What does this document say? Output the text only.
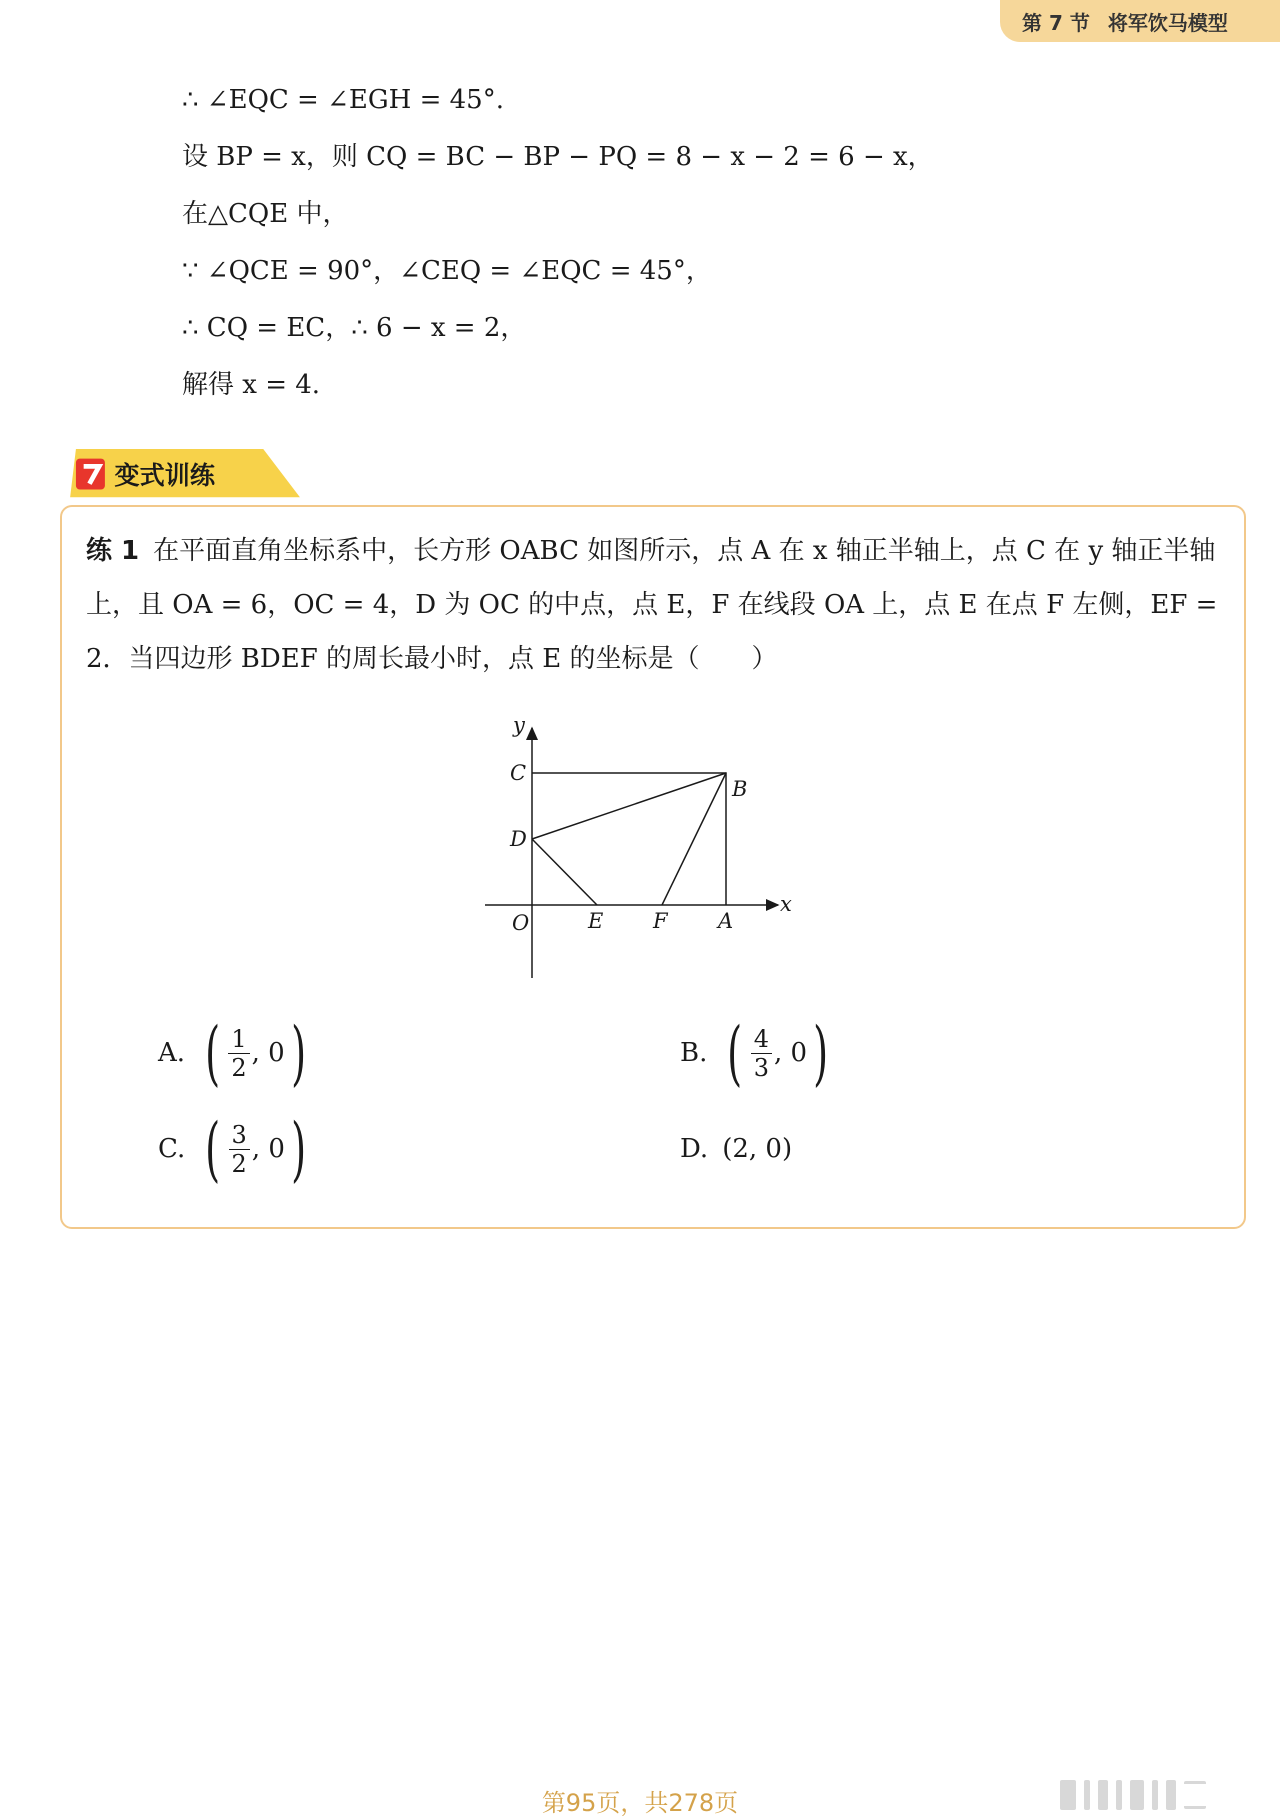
第 7 节 将军饮马模型
∴ ∠EQC = ∠EGH = 45°.
设 BP = x，则 CQ = BC − BP − PQ = 8 − x − 2 = 6 − x，
在△CQE 中，
∵ ∠QCE = 90°，∠CEQ = ∠EQC = 45°，
∴ CQ = EC，∴ 6 − x = 2，
解得 x = 4.
变式训练
练 1 在平面直角坐标系中，长方形 OABC 如图所示，点 A 在 x 轴正半轴上，点 C 在 y 轴正半轴上，且 OA = 6，OC = 4，D 为 OC 的中点，点 E，F 在线段 OA 上，点 E 在点 F 左侧，EF = 2．当四边形 BDEF 的周长最小时，点 E 的坐标是（　　）
y
x
C
B
D
O	E F A
A. ( $\frac{1}{2}$ , 0 )	B. ( $\frac{4}{3}$ , 0 )
C. ( $\frac{3}{2}$ , 0 )	D. (2, 0)
第95页，共278页
